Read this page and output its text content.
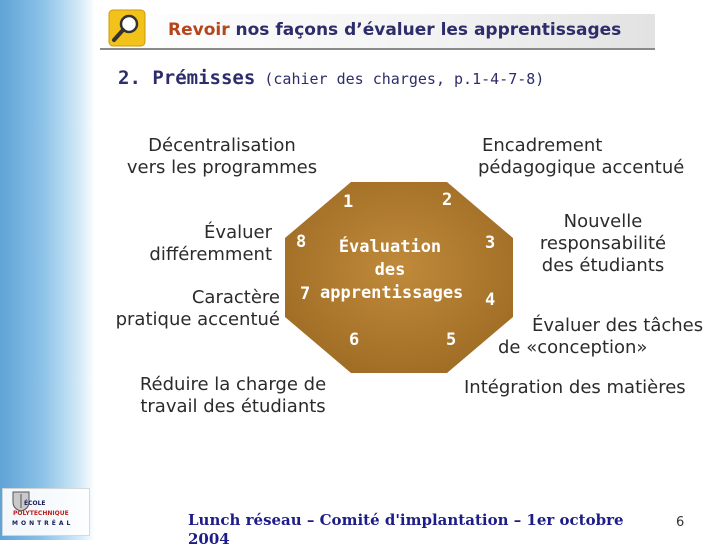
Revoir nos façons d’évaluer les apprentissages
2. Prémisses (cahier des charges, p.1-4-7-8)
1	2
3
4
5
6
7
8	Évaluation
des
apprentissages
Décentralisation
vers les programmes
Encadrement
pédagogique accentué
Évaluer
différemment
Nouvelle
responsabilité
des étudiants
Caractère
pratique accentué	Évaluer des tâches
de «conception»
Réduire la charge de
travail des étudiants
Intégration des matières
ÉCOLE
POLYTECHNIQUE
MONTRÉAL	Lunch réseau – Comité d'implantation – 1er octobre
2004
6
